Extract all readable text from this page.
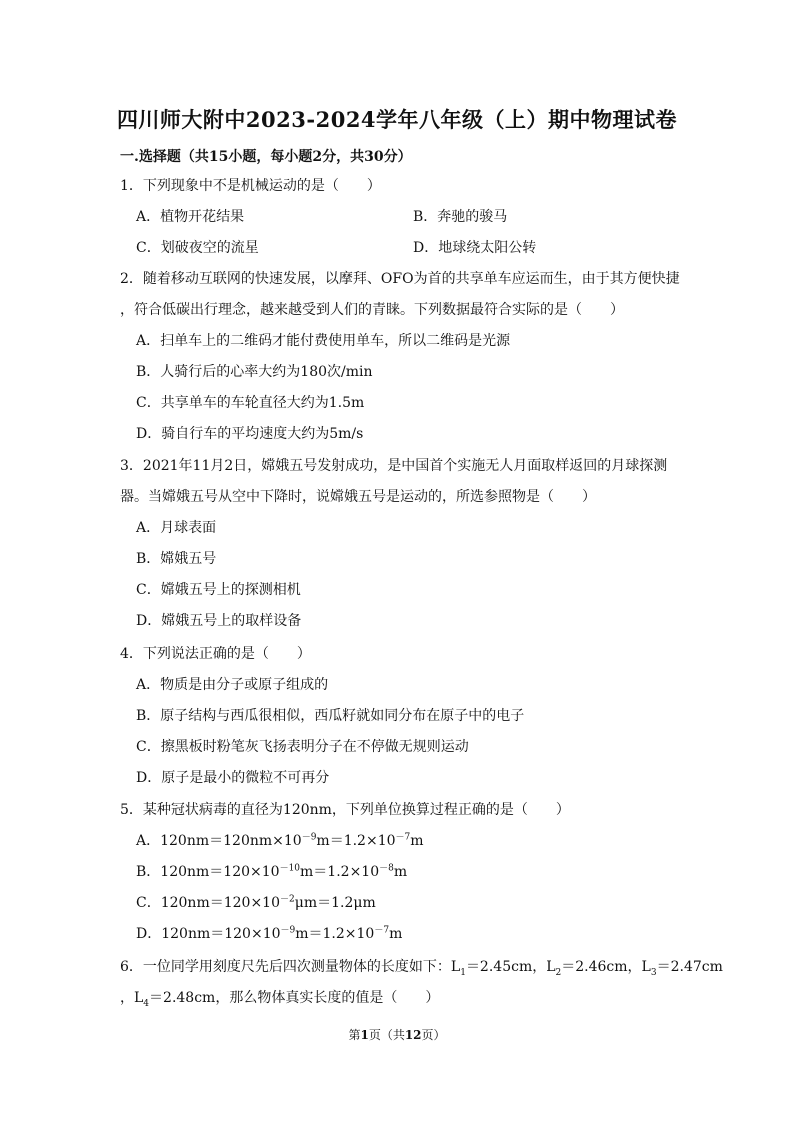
四川师大附中2023-2024学年八年级（上）期中物理试卷
一.选择题（共15小题，每小题2分，共30分）
1．下列现象中不是机械运动的是（　　）
A．植物开花结果	B．奔驰的骏马
C．划破夜空的流星	D．地球绕太阳公转
2．随着移动互联网的快速发展，以摩拜、OFO为首的共享单车应运而生，由于其方便快捷
，符合低碳出行理念，越来越受到人们的青睐。下列数据最符合实际的是（　　）
A．扫单车上的二维码才能付费使用单车，所以二维码是光源
B．人骑行后的心率大约为180次/min
C．共享单车的车轮直径大约为1.5m
D．骑自行车的平均速度大约为5m/s
3．2021年11月2日，嫦娥五号发射成功，是中国首个实施无人月面取样返回的月球探测
器。当嫦娥五号从空中下降时，说嫦娥五号是运动的，所选参照物是（　　）
A．月球表面
B．嫦娥五号
C．嫦娥五号上的探测相机
D．嫦娥五号上的取样设备
4．下列说法正确的是（　　）
A．物质是由分子或原子组成的
B．原子结构与西瓜很相似，西瓜籽就如同分布在原子中的电子
C．擦黑板时粉笔灰飞扬表明分子在不停做无规则运动
D．原子是最小的微粒不可再分
5．某种冠状病毒的直径为120nm，下列单位换算过程正确的是（　　）
A．$120nm=120nm\times 10^{-9}m=1.2\times 10^{-7}m$
B．$120nm=120\times 10^{-10}m=1.2\times 10^{-8}m$
C．$120nm=120\times 10^{-2}\mu m=1.2\mu m$
D．$120nm=120\times 10^{-9}m=1.2\times 10^{-7}m$
6．一位同学用刻度尺先后四次测量物体的长度如下：$L_1=2.45cm$，$L_2=2.46cm$，$L_3=2.47cm$
，$L_4=2.48cm$，那么物体真实长度的值是（　　）
第1页（共12页）
